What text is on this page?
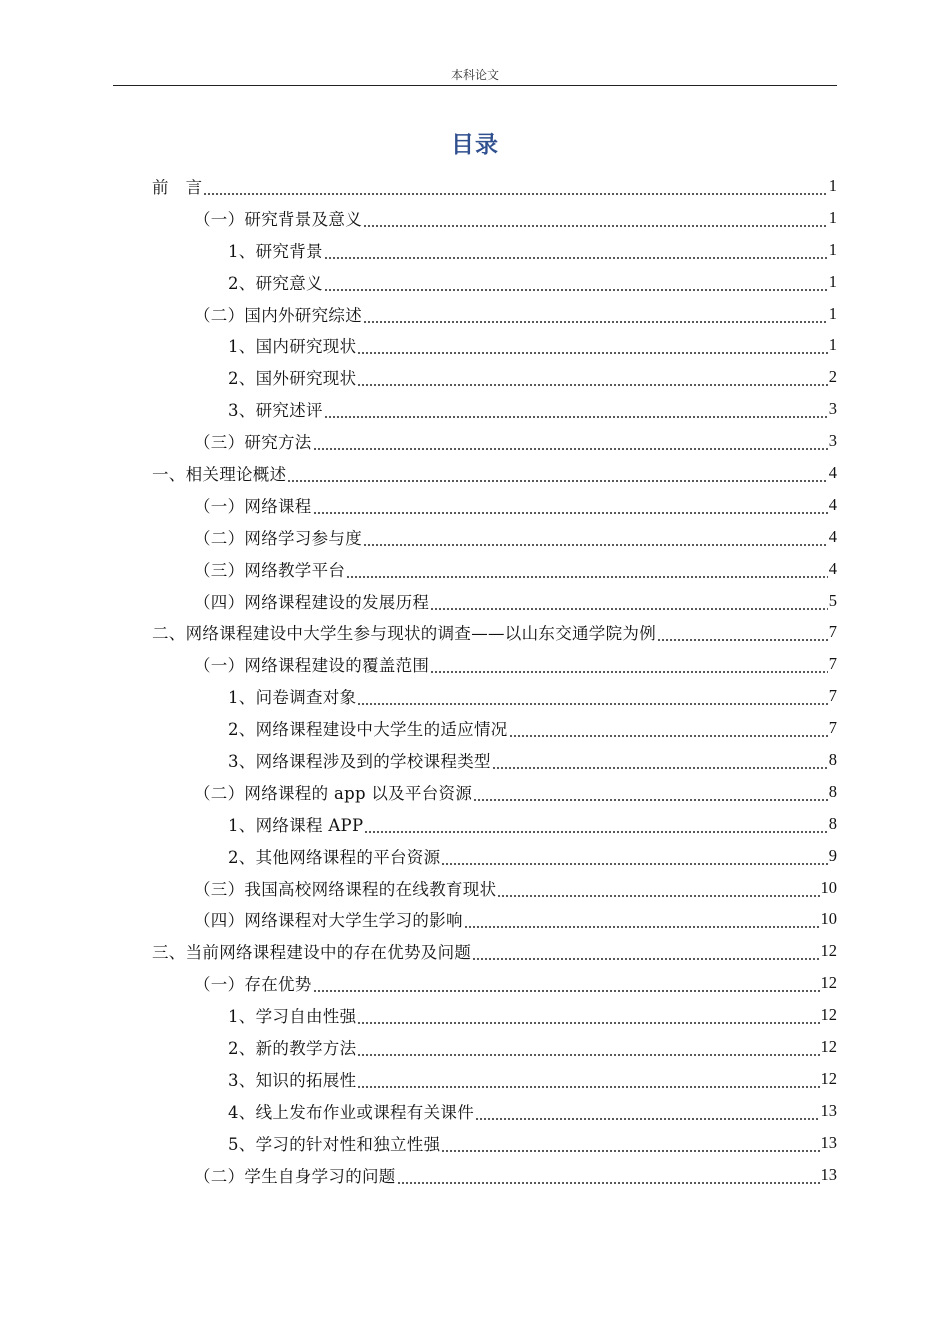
本科论文
目录
前　言	1
（一）研究背景及意义	1
1、研究背景	1
2、研究意义	1
（二）国内外研究综述	1
1、国内研究现状	1
2、国外研究现状	2
3、研究述评	3
（三）研究方法	3
一、相关理论概述	4
（一）网络课程	4
（二）网络学习参与度	4
（三）网络教学平台	4
（四）网络课程建设的发展历程	5
二、网络课程建设中大学生参与现状的调查——以山东交通学院为例	7
（一）网络课程建设的覆盖范围	7
1、问卷调查对象	7
2、网络课程建设中大学生的适应情况	7
3、网络课程涉及到的学校课程类型	8
（二）网络课程的 app 以及平台资源	8
1、网络课程 APP	8
2、其他网络课程的平台资源	9
（三）我国高校网络课程的在线教育现状	10
（四）网络课程对大学生学习的影响	10
三、当前网络课程建设中的存在优势及问题	12
（一）存在优势	12
1、学习自由性强	12
2、新的教学方法	12
3、知识的拓展性	12
4、线上发布作业或课程有关课件	13
5、学习的针对性和独立性强	13
（二）学生自身学习的问题	13
